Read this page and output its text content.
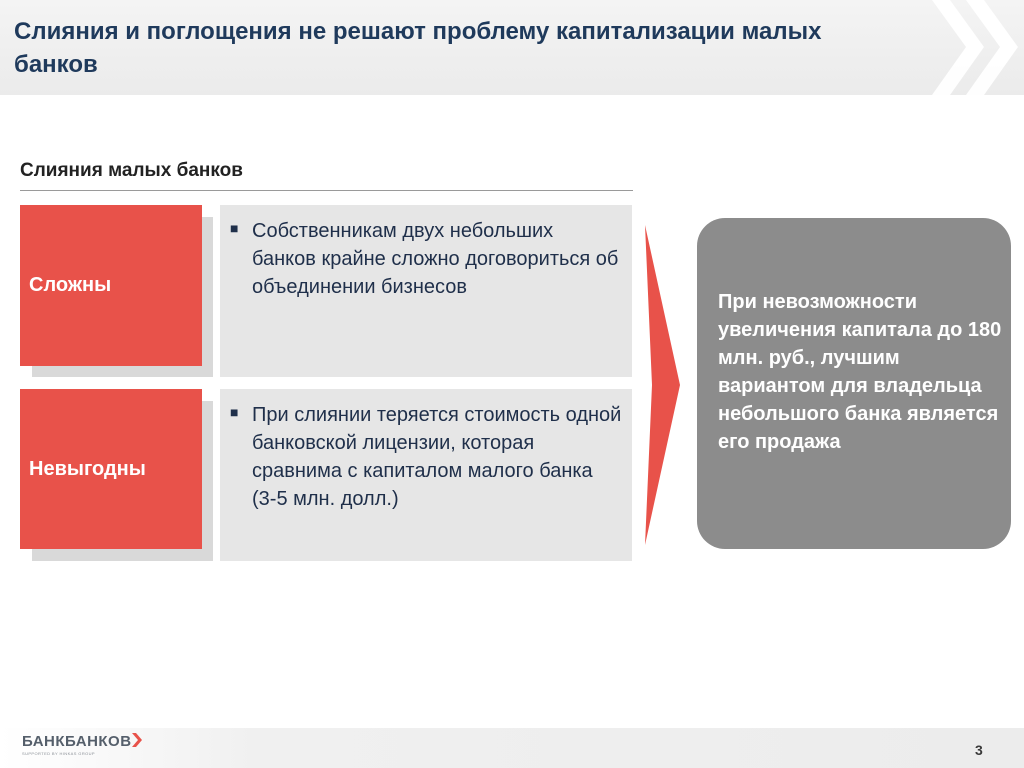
Слияния и поглощения не решают проблему капитализации малых банков
Слияния малых банков
Сложны
■ Собственникам двух небольших банков крайне сложно договориться об объединении бизнесов
Невыгодны
■ При слиянии теряется стоимость одной банковской лицензии, которая сравнима с капиталом малого банка (3-5 млн. долл.)
При невозможности увеличения капитала до 180 млн. руб., лучшим вариантом для владельца небольшого банка является его продажа
БАНКБАНКОВ
SUPPORTED BY HINKAS GROUP	3
